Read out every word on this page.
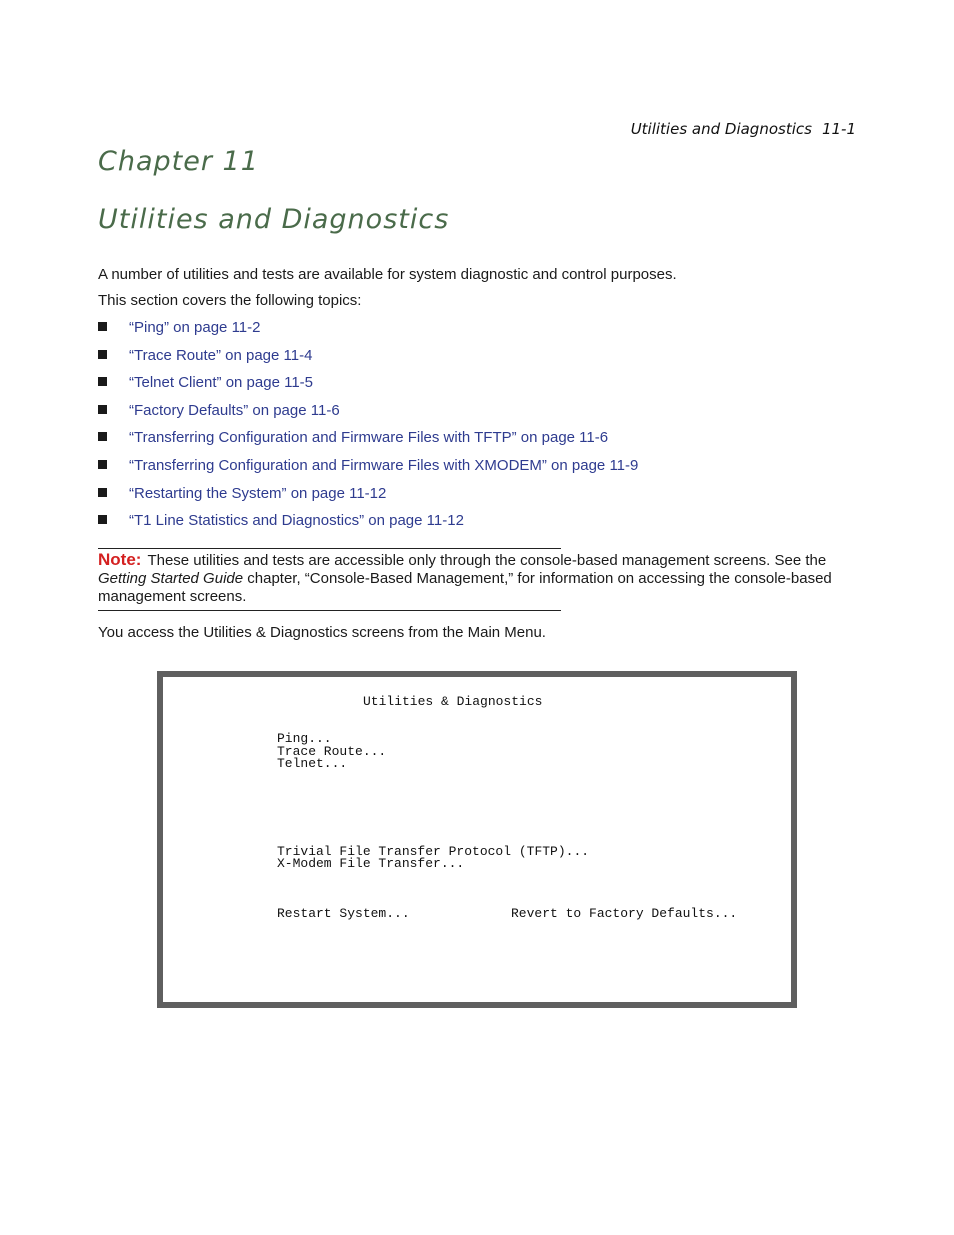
Utilities and Diagnostics 11-1
Chapter 11
Utilities and Diagnostics

A number of utilities and tests are available for system diagnostic and control purposes.

This section covers the following topics:

“Ping” on page 11-2
“Trace Route” on page 11-4
“Telnet Client” on page 11-5
“Factory Defaults” on page 11-6
“Transferring Configuration and Firmware Files with TFTP” on page 11-6
“Transferring Configuration and Firmware Files with XMODEM” on page 11-9
“Restarting the System” on page 11-12
“T1 Line Statistics and Diagnostics” on page 11-12

Note: These utilities and tests are accessible only through the console-based management screens. See the Getting Started Guide chapter, “Console-Based Management,” for information on accessing the console-based management screens.

You access the Utilities & Diagnostics screens from the Main Menu.

Utilities & Diagnostics
Ping...
Trace Route...
Telnet...
Trivial File Transfer Protocol (TFTP)...
X-Modem File Transfer...
Restart System...	Revert to Factory Defaults...
